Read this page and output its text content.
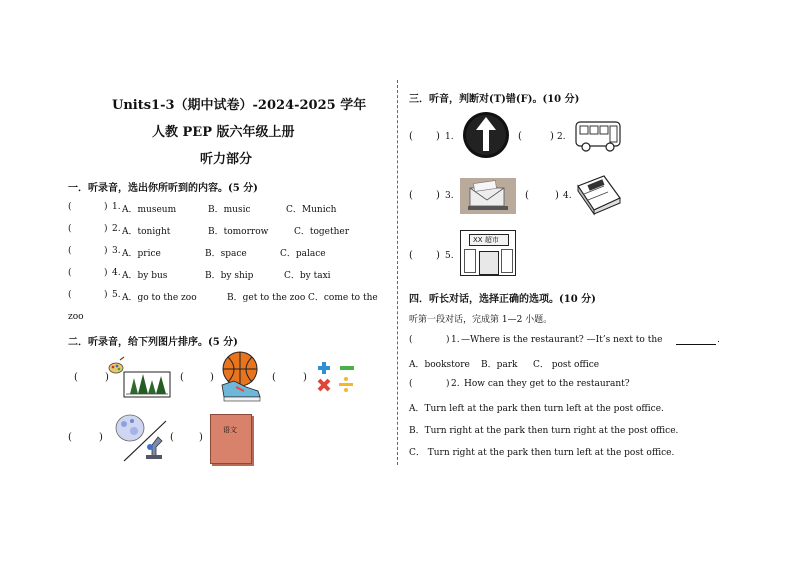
Units1-3（期中试卷）-2024-2025 学年
人教 PEP 版六年级上册
听力部分
一．听录音，选出你所听到的内容。(5 分)
(	) 1. A．museum	B．music	C．Munich
(	) 2. A．tonight	B．tomorrow	C．together
(	) 3. A．price	B．space	C．palace
(	) 4. A．by bus	B．by ship	C．by taxi
(	) 5. A．go to the zoo	B．get to the zoo C．come to the
zoo
二．听录音，给下列图片排序。(5 分)
(	)	(	)	(	)
(	)	(	)
语文
三．听音，判断对(T)错(F)。(10 分)
( ) 1.	(	) 2.
( ) 3.	(	) 4.
( ) 5.
XX 超市
四．听长对话，选择正确的选项。(10 分)
听第一段对话，完成第 1—2 小题。
(	) 1. —Where is the restaurant? —It’s next to the	.
A．bookstore B．park C． post office
(	) 2. How can they get to the restaurant?
A．Turn left at the park then turn left at the post office.
B．Turn right at the park then turn right at the post office.
C． Turn right at the park then turn left at the post office.
